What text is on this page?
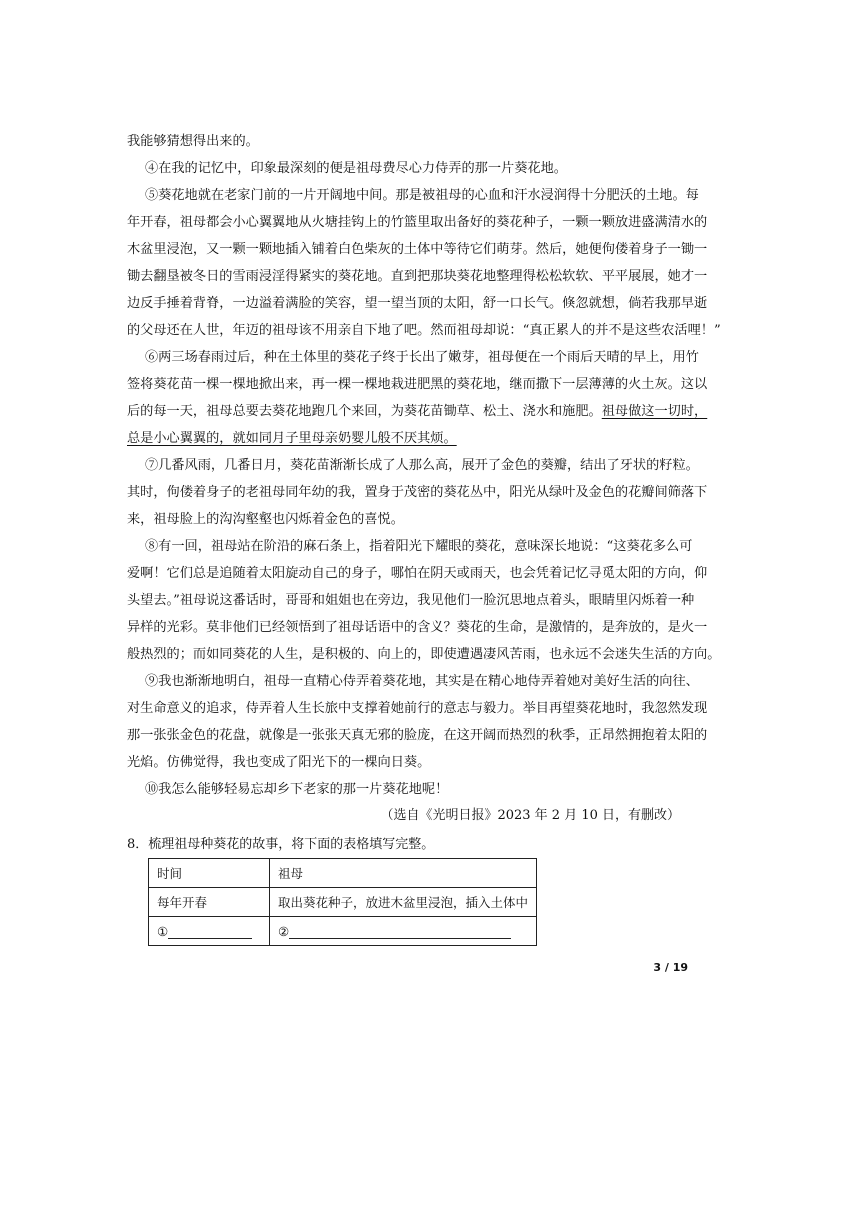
我能够猜想得出来的。
④在我的记忆中，印象最深刻的便是祖母费尽心力侍弄的那一片葵花地。
⑤葵花地就在老家门前的一片开阔地中间。那是被祖母的心血和汗水浸润得十分肥沃的土地。每
年开春，祖母都会小心翼翼地从火塘挂钩上的竹篮里取出备好的葵花种子，一颗一颗放进盛满清水的
木盆里浸泡，又一颗一颗地插入铺着白色柴灰的土体中等待它们萌芽。然后，她便佝偻着身子一锄一
锄去翻垦被冬日的雪雨浸淫得紧实的葵花地。直到把那块葵花地整理得松松软软、平平展展，她才一
边反手捶着背脊，一边溢着满脸的笑容，望一望当顶的太阳，舒一口长气。倏忽就想，倘若我那早逝
的父母还在人世，年迈的祖母该不用亲自下地了吧。然而祖母却说：“真正累人的并不是这些农活哩！”
⑥两三场春雨过后，种在土体里的葵花子终于长出了嫩芽，祖母便在一个雨后天晴的早上，用竹
签将葵花苗一棵一棵地掀出来，再一棵一棵地栽进肥黑的葵花地，继而撒下一层薄薄的火土灰。这以
后的每一天，祖母总要去葵花地跑几个来回，为葵花苗锄草、松土、浇水和施肥。祖母做这一切时，
总是小心翼翼的，就如同月子里母亲奶婴儿般不厌其烦。
⑦几番风雨，几番日月，葵花苗渐渐长成了人那么高，展开了金色的葵瓣，结出了牙状的籽粒。
其时，佝偻着身子的老祖母同年幼的我，置身于茂密的葵花丛中，阳光从绿叶及金色的花瓣间筛落下
来，祖母脸上的沟沟壑壑也闪烁着金色的喜悦。
⑧有一回，祖母站在阶沿的麻石条上，指着阳光下耀眼的葵花，意味深长地说：“这葵花多么可
爱啊！它们总是追随着太阳旋动自己的身子，哪怕在阴天或雨天，也会凭着记忆寻觅太阳的方向，仰
头望去。”祖母说这番话时，哥哥和姐姐也在旁边，我见他们一脸沉思地点着头，眼睛里闪烁着一种
异样的光彩。莫非他们已经领悟到了祖母话语中的含义？葵花的生命，是激情的，是奔放的，是火一
般热烈的；而如同葵花的人生，是积极的、向上的，即使遭遇凄风苦雨，也永远不会迷失生活的方向。
⑨我也渐渐地明白，祖母一直精心侍弄着葵花地，其实是在精心地侍弄着她对美好生活的向往、
对生命意义的追求，侍弄着人生长旅中支撑着她前行的意志与毅力。举目再望葵花地时，我忽然发现
那一张张金色的花盘，就像是一张张天真无邪的脸庞，在这开阔而热烈的秋季，正昂然拥抱着太阳的
光焰。仿佛觉得，我也变成了阳光下的一棵向日葵。
⑩我怎么能够轻易忘却乡下老家的那一片葵花地呢！
（选自《光明日报》2023 年 2 月 10 日，有删改）
8．梳理祖母种葵花的故事，将下面的表格填写完整。
时间	祖母
每年开春	取出葵花种子，放进木盆里浸泡，插入土体中
①	②
3 / 19
